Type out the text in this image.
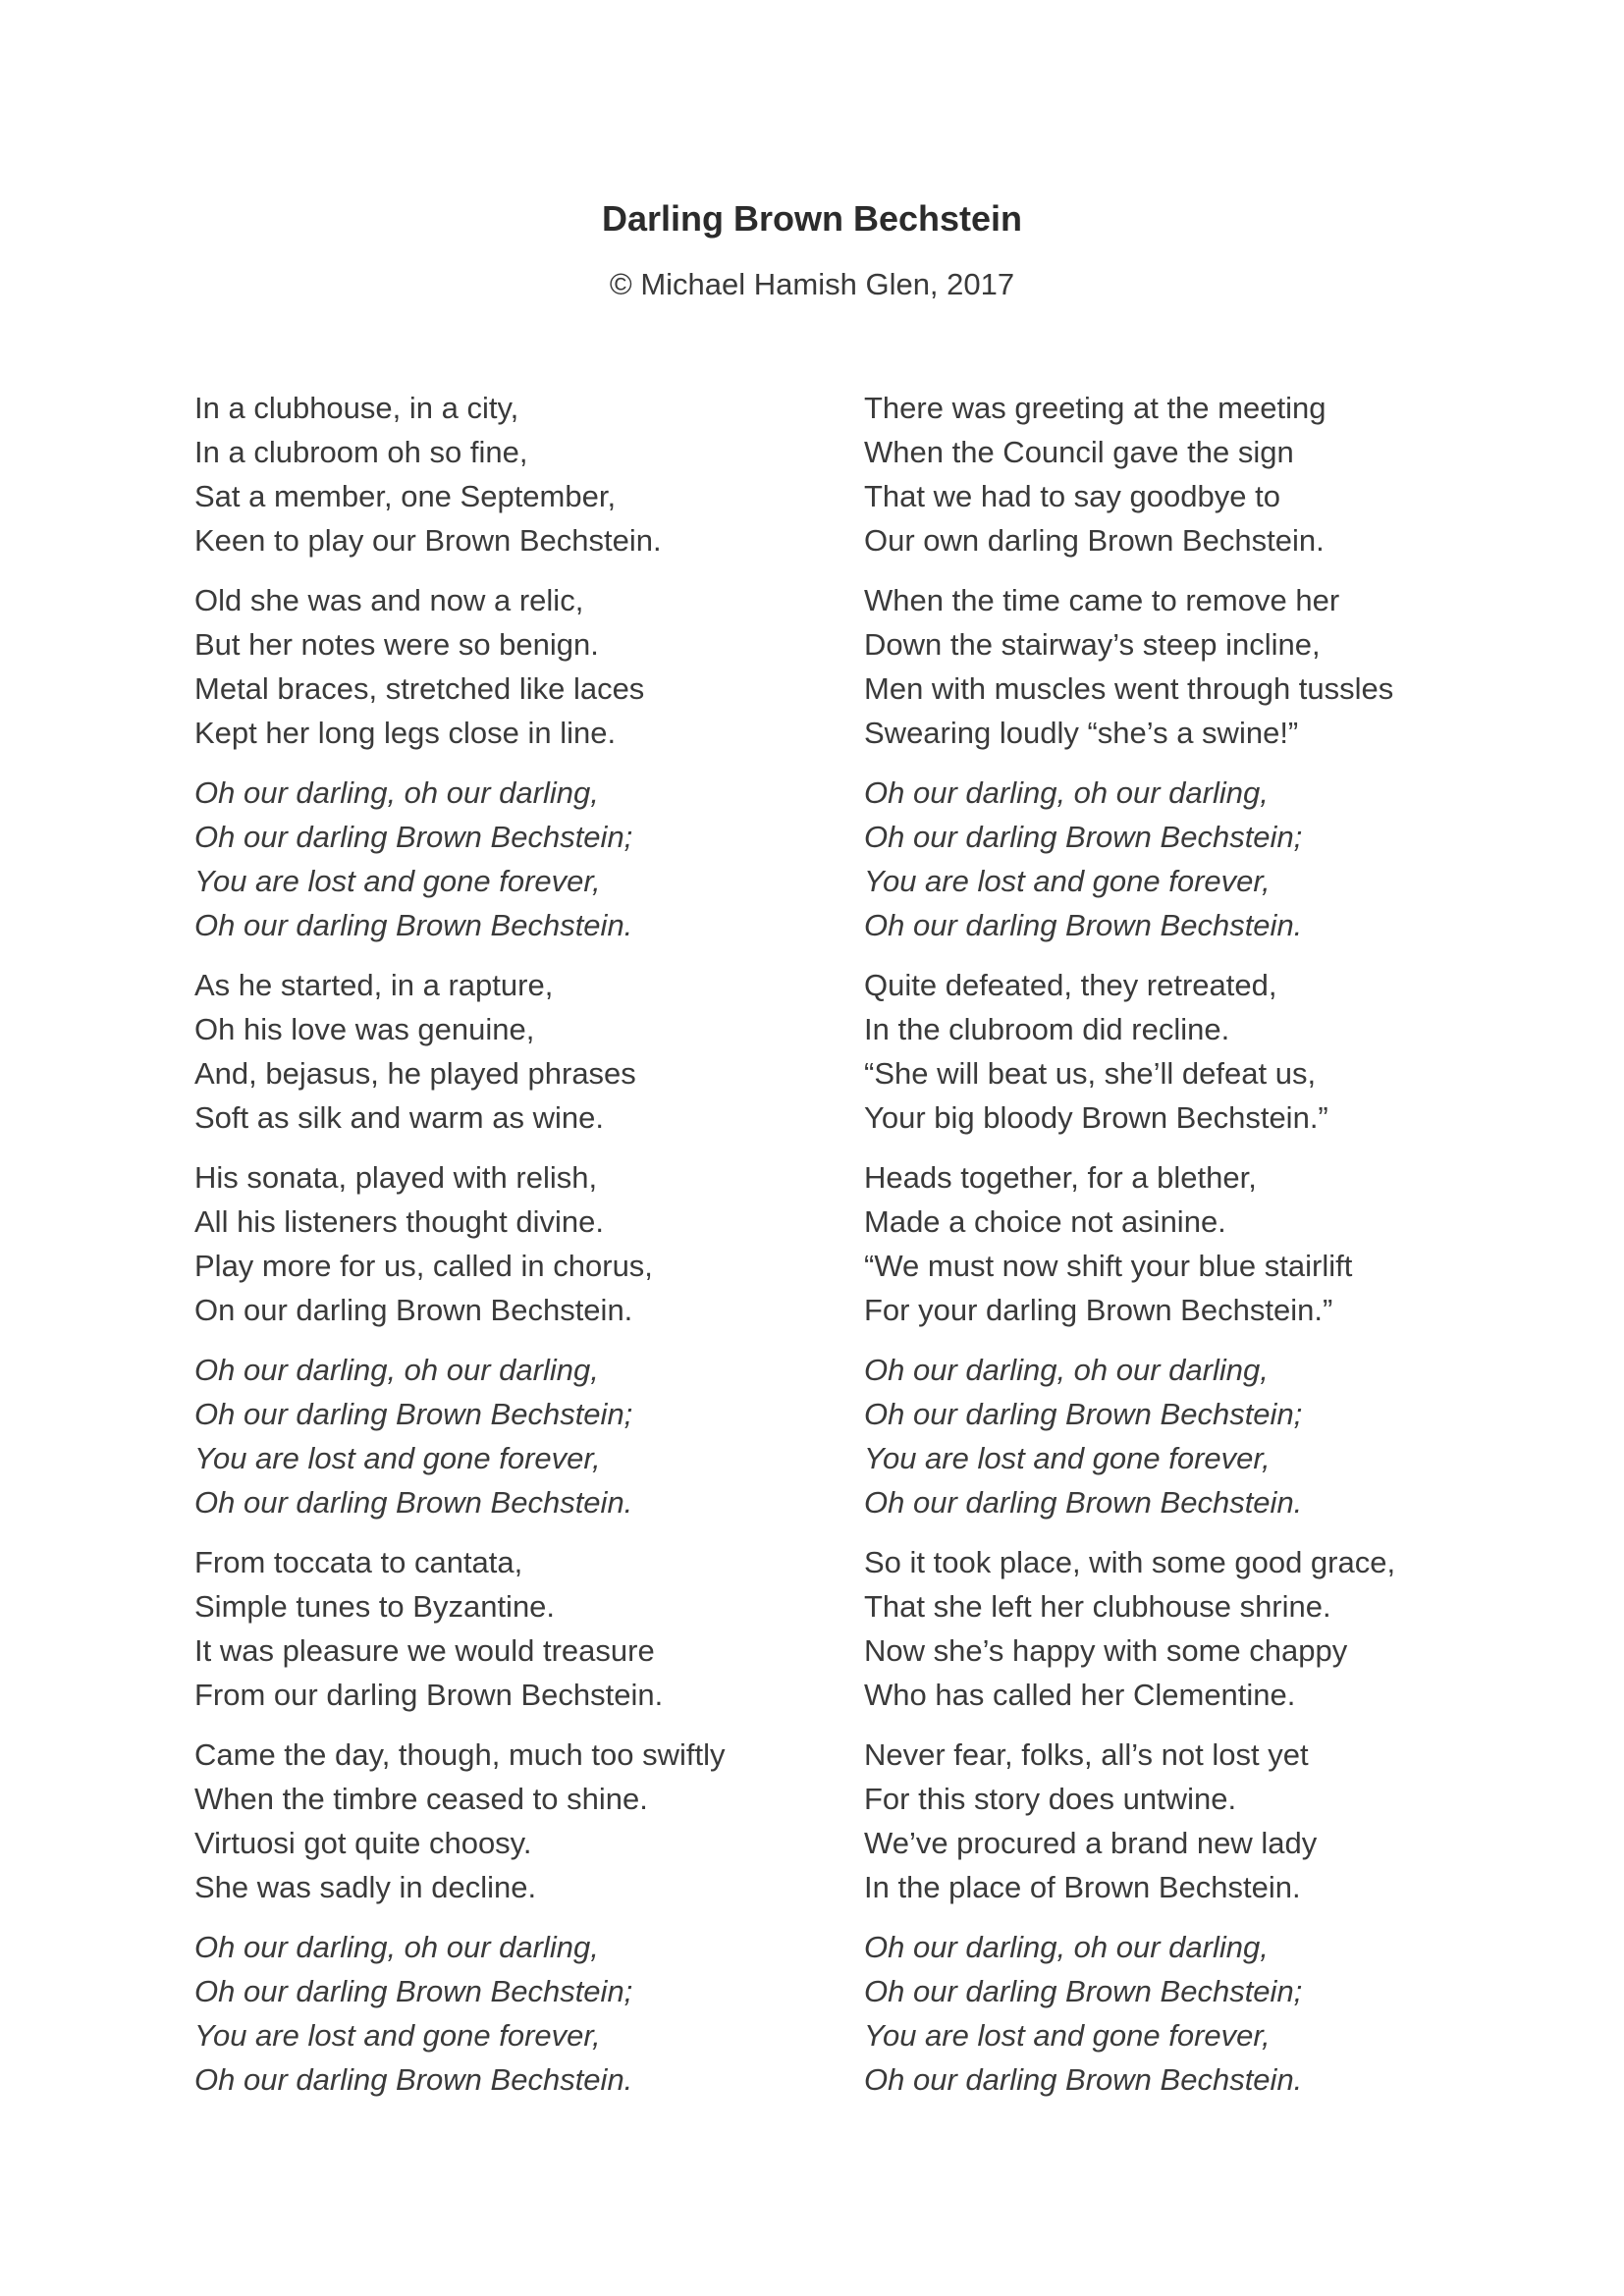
Darling Brown Bechstein

© Michael Hamish Glen, 2017

In a clubhouse, in a city,
In a clubroom oh so fine,
Sat a member, one September,
Keen to play our Brown Bechstein.
Old she was and now a relic,
But her notes were so benign.
Metal braces, stretched like laces
Kept her long legs close in line.
Oh our darling, oh our darling,
Oh our darling Brown Bechstein;
You are lost and gone forever,
Oh our darling Brown Bechstein.
As he started, in a rapture,
Oh his love was genuine,
And, bejasus, he played phrases
Soft as silk and warm as wine.
His sonata, played with relish,
All his listeners thought divine.
Play more for us, called in chorus,
On our darling Brown Bechstein.
Oh our darling, oh our darling,
Oh our darling Brown Bechstein;
You are lost and gone forever,
Oh our darling Brown Bechstein.
From toccata to cantata,
Simple tunes to Byzantine.
It was pleasure we would treasure
From our darling Brown Bechstein.
Came the day, though, much too swiftly
When the timbre ceased to shine.
Virtuosi got quite choosy.
She was sadly in decline.
Oh our darling, oh our darling,
Oh our darling Brown Bechstein;
You are lost and gone forever,
Oh our darling Brown Bechstein.
There was greeting at the meeting
When the Council gave the sign
That we had to say goodbye to
Our own darling Brown Bechstein.
When the time came to remove her
Down the stairway’s steep incline,
Men with muscles went through tussles
Swearing loudly “she’s a swine!”
Oh our darling, oh our darling,
Oh our darling Brown Bechstein;
You are lost and gone forever,
Oh our darling Brown Bechstein.
Quite defeated, they retreated,
In the clubroom did recline.
“She will beat us, she’ll defeat us,
Your big bloody Brown Bechstein.”
Heads together, for a blether,
Made a choice not asinine.
“We must now shift your blue stairlift
For your darling Brown Bechstein.”
Oh our darling, oh our darling,
Oh our darling Brown Bechstein;
You are lost and gone forever,
Oh our darling Brown Bechstein.
So it took place, with some good grace,
That she left her clubhouse shrine.
Now she’s happy with some chappy
Who has called her Clementine.
Never fear, folks, all’s not lost yet
For this story does untwine.
We’ve procured a brand new lady
In the place of Brown Bechstein.
Oh our darling, oh our darling,
Oh our darling Brown Bechstein;
You are lost and gone forever,
Oh our darling Brown Bechstein.
